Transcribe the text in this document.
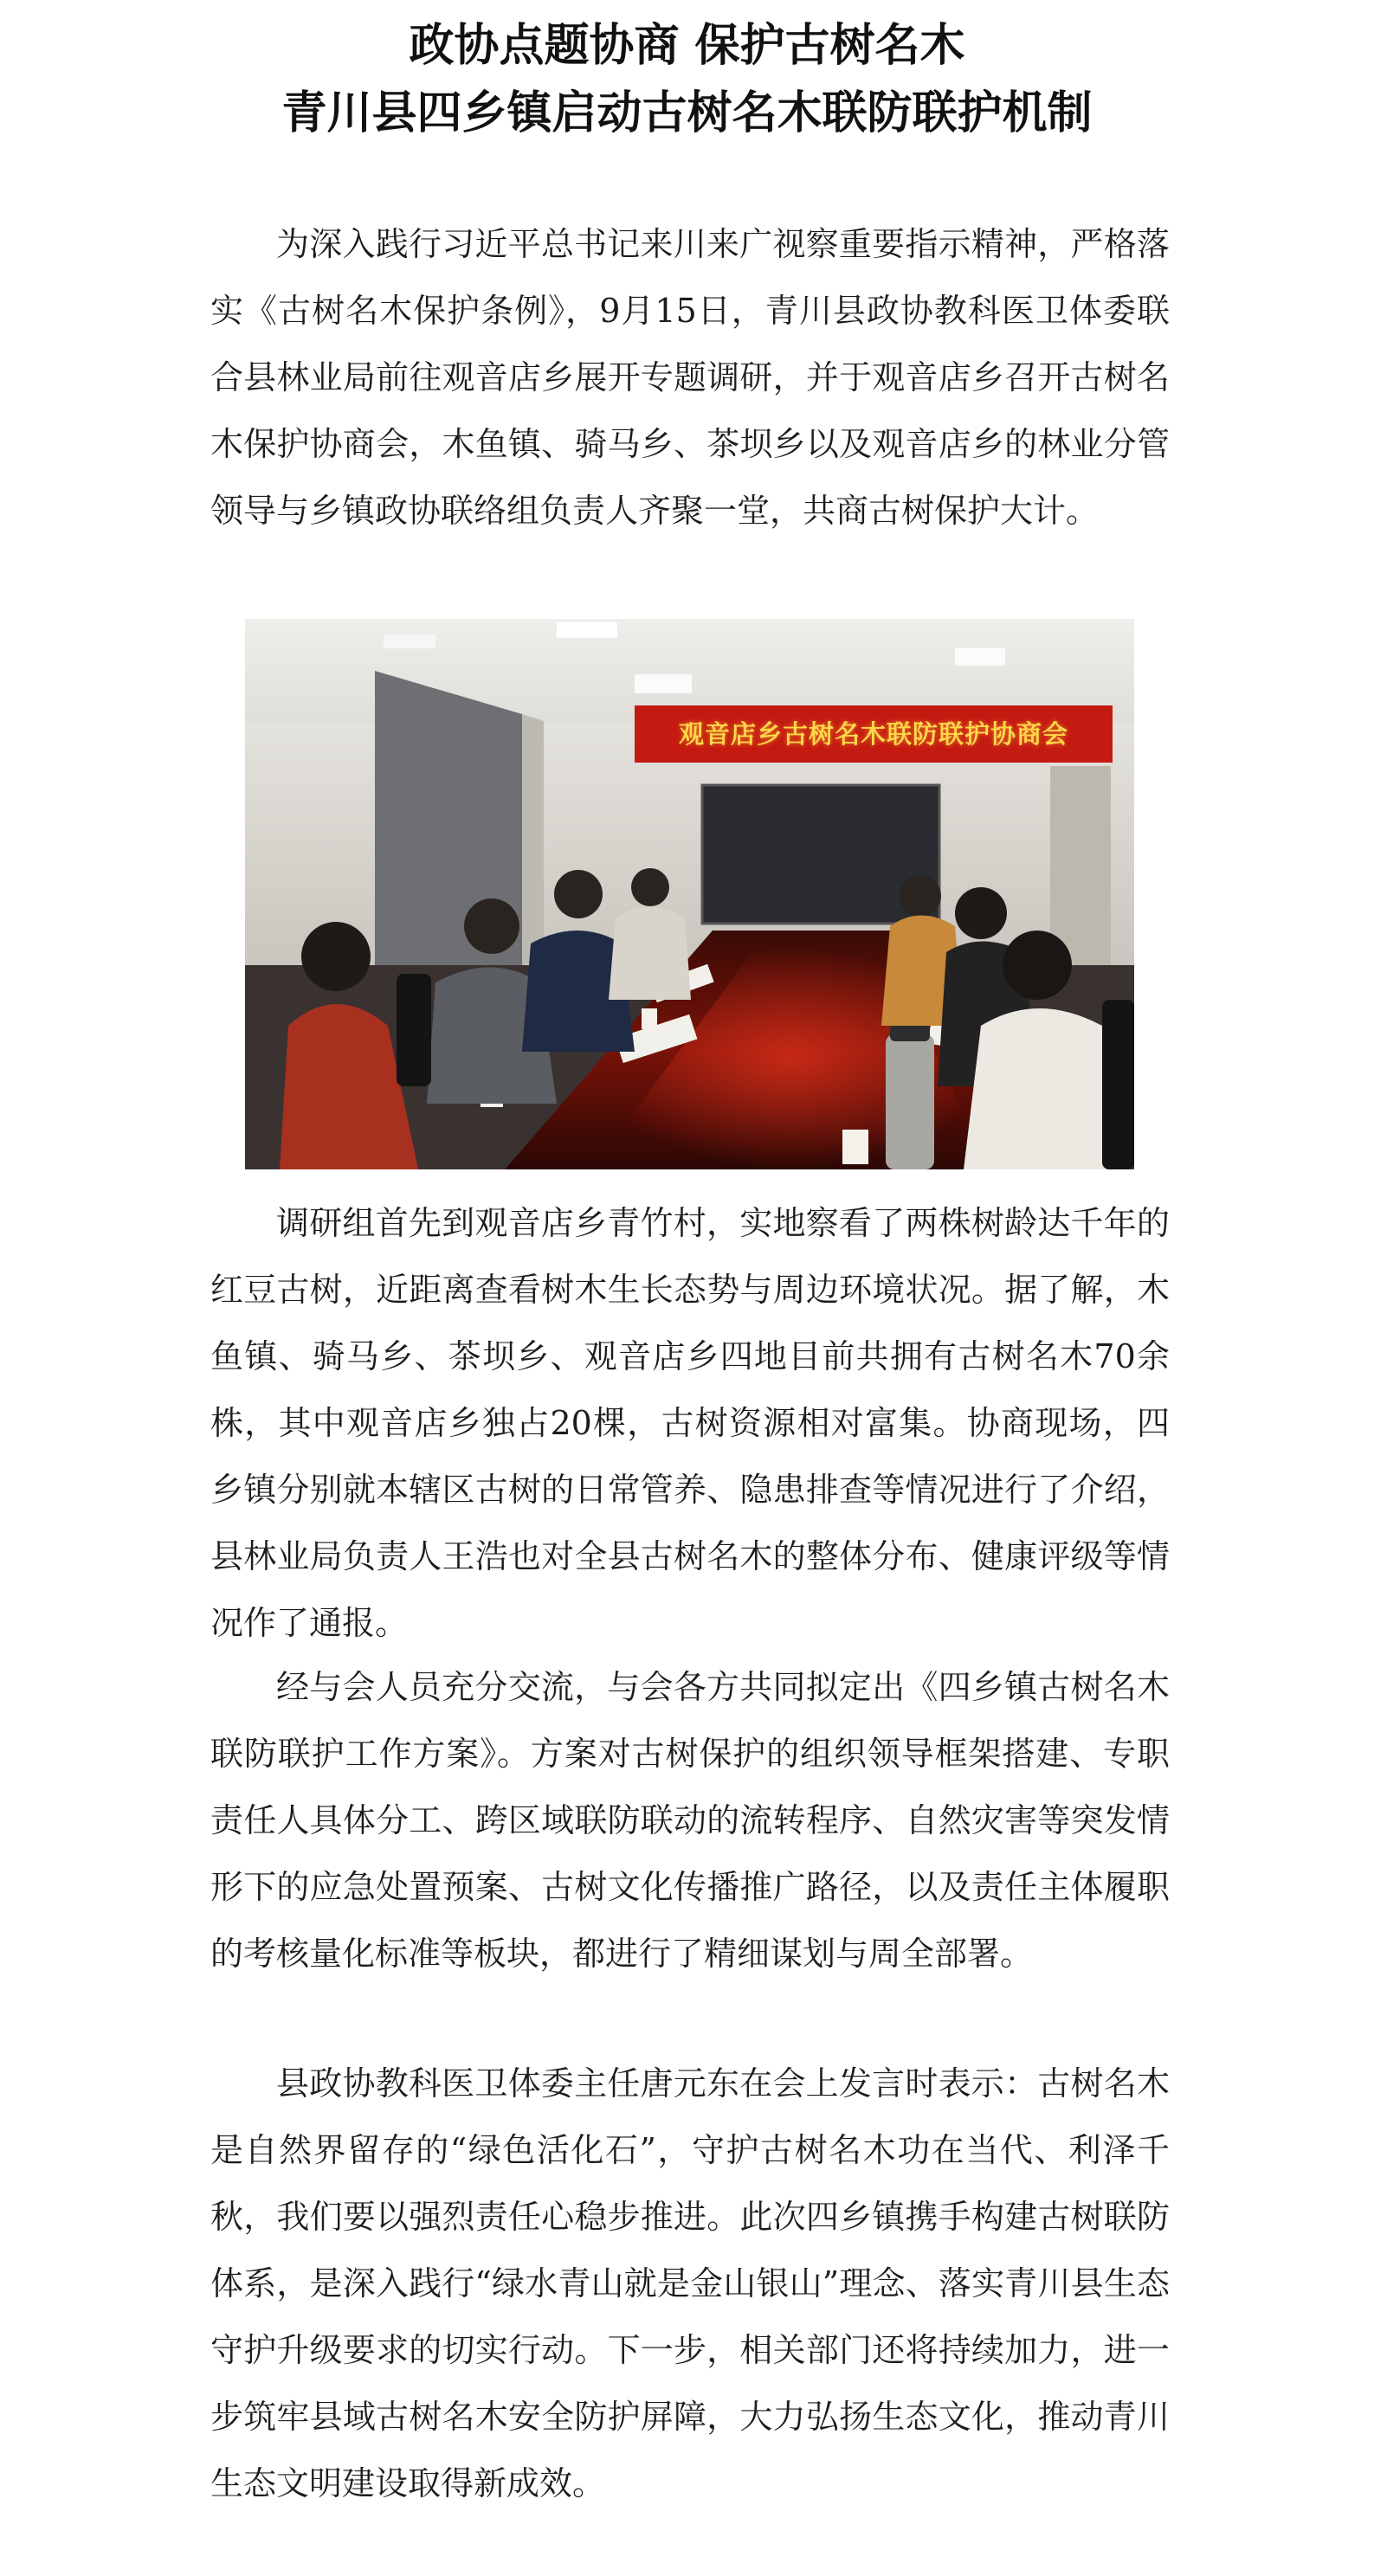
政协点题协商 保护古树名木
青川县四乡镇启动古树名木联防联护机制

为深入践行习近平总书记来川来广视察重要指示精神，严格落实《古树名木保护条例》，9月15日，青川县政协教科医卫体委联合县林业局前往观音店乡展开专题调研，并于观音店乡召开古树名木保护协商会，木鱼镇、骑马乡、茶坝乡以及观音店乡的林业分管领导与乡镇政协联络组负责人齐聚一堂，共商古树保护大计。

观音店乡古树名木联防联护协商会

调研组首先到观音店乡青竹村，实地察看了两株树龄达千年的红豆古树，近距离查看树木生长态势与周边环境状况。据了解，木鱼镇、骑马乡、茶坝乡、观音店乡四地目前共拥有古树名木70余株，其中观音店乡独占20棵，古树资源相对富集。协商现场，四乡镇分别就本辖区古树的日常管养、隐患排查等情况进行了介绍，县林业局负责人王浩也对全县古树名木的整体分布、健康评级等情况作了通报。

经与会人员充分交流，与会各方共同拟定出《四乡镇古树名木联防联护工作方案》。方案对古树保护的组织领导框架搭建、专职责任人具体分工、跨区域联防联动的流转程序、自然灾害等突发情形下的应急处置预案、古树文化传播推广路径，以及责任主体履职的考核量化标准等板块，都进行了精细谋划与周全部署。

县政协教科医卫体委主任唐元东在会上发言时表示：古树名木是自然界留存的“绿色活化石”，守护古树名木功在当代、利泽千秋，我们要以强烈责任心稳步推进。此次四乡镇携手构建古树联防体系，是深入践行“绿水青山就是金山银山”理念、落实青川县生态守护升级要求的切实行动。下一步，相关部门还将持续加力，进一步筑牢县域古树名木安全防护屏障，大力弘扬生态文化，推动青川生态文明建设取得新成效。
